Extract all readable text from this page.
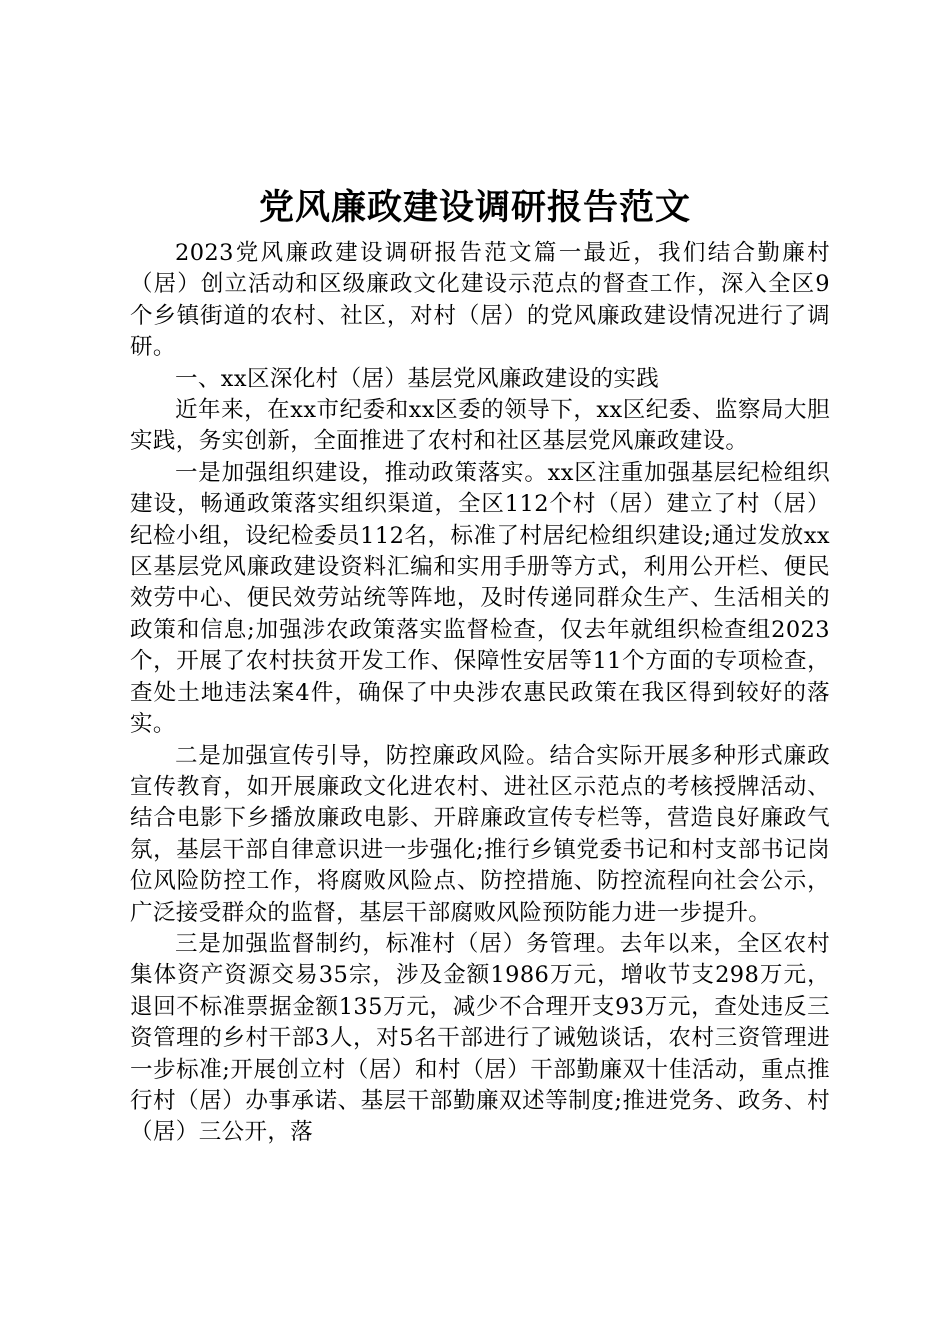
党风廉政建设调研报告范文

2023党风廉政建设调研报告范文篇一最近，我们结合勤廉村（居）创立活动和区级廉政文化建设示范点的督查工作，深入全区9个乡镇街道的农村、社区，对村（居）的党风廉政建设情况进行了调研。

一、xx区深化村（居）基层党风廉政建设的实践

近年来，在xx市纪委和xx区委的领导下，xx区纪委、监察局大胆实践，务实创新，全面推进了农村和社区基层党风廉政建设。

一是加强组织建设，推动政策落实。xx区注重加强基层纪检组织建设，畅通政策落实组织渠道，全区112个村（居）建立了村（居）纪检小组，设纪检委员112名，标准了村居纪检组织建设;通过发放xx区基层党风廉政建设资料汇编和实用手册等方式，利用公开栏、便民效劳中心、便民效劳站统等阵地，及时传递同群众生产、生活相关的政策和信息;加强涉农政策落实监督检查，仅去年就组织检查组2023个，开展了农村扶贫开发工作、保障性安居等11个方面的专项检查，查处土地违法案4件，确保了中央涉农惠民政策在我区得到较好的落实。

二是加强宣传引导，防控廉政风险。结合实际开展多种形式廉政宣传教育，如开展廉政文化进农村、进社区示范点的考核授牌活动、结合电影下乡播放廉政电影、开辟廉政宣传专栏等，营造良好廉政气氛，基层干部自律意识进一步强化;推行乡镇党委书记和村支部书记岗位风险防控工作，将腐败风险点、防控措施、防控流程向社会公示，广泛接受群众的监督，基层干部腐败风险预防能力进一步提升。

三是加强监督制约，标准村（居）务管理。去年以来，全区农村集体资产资源交易35宗，涉及金额1986万元，增收节支298万元，退回不标准票据金额135万元，减少不合理开支93万元，查处违反三资管理的乡村干部3人，对5名干部进行了诫勉谈话，农村三资管理进一步标准;开展创立村（居）和村（居）干部勤廉双十佳活动，重点推行村（居）办事承诺、基层干部勤廉双述等制度;推进党务、政务、村（居）三公开，落
